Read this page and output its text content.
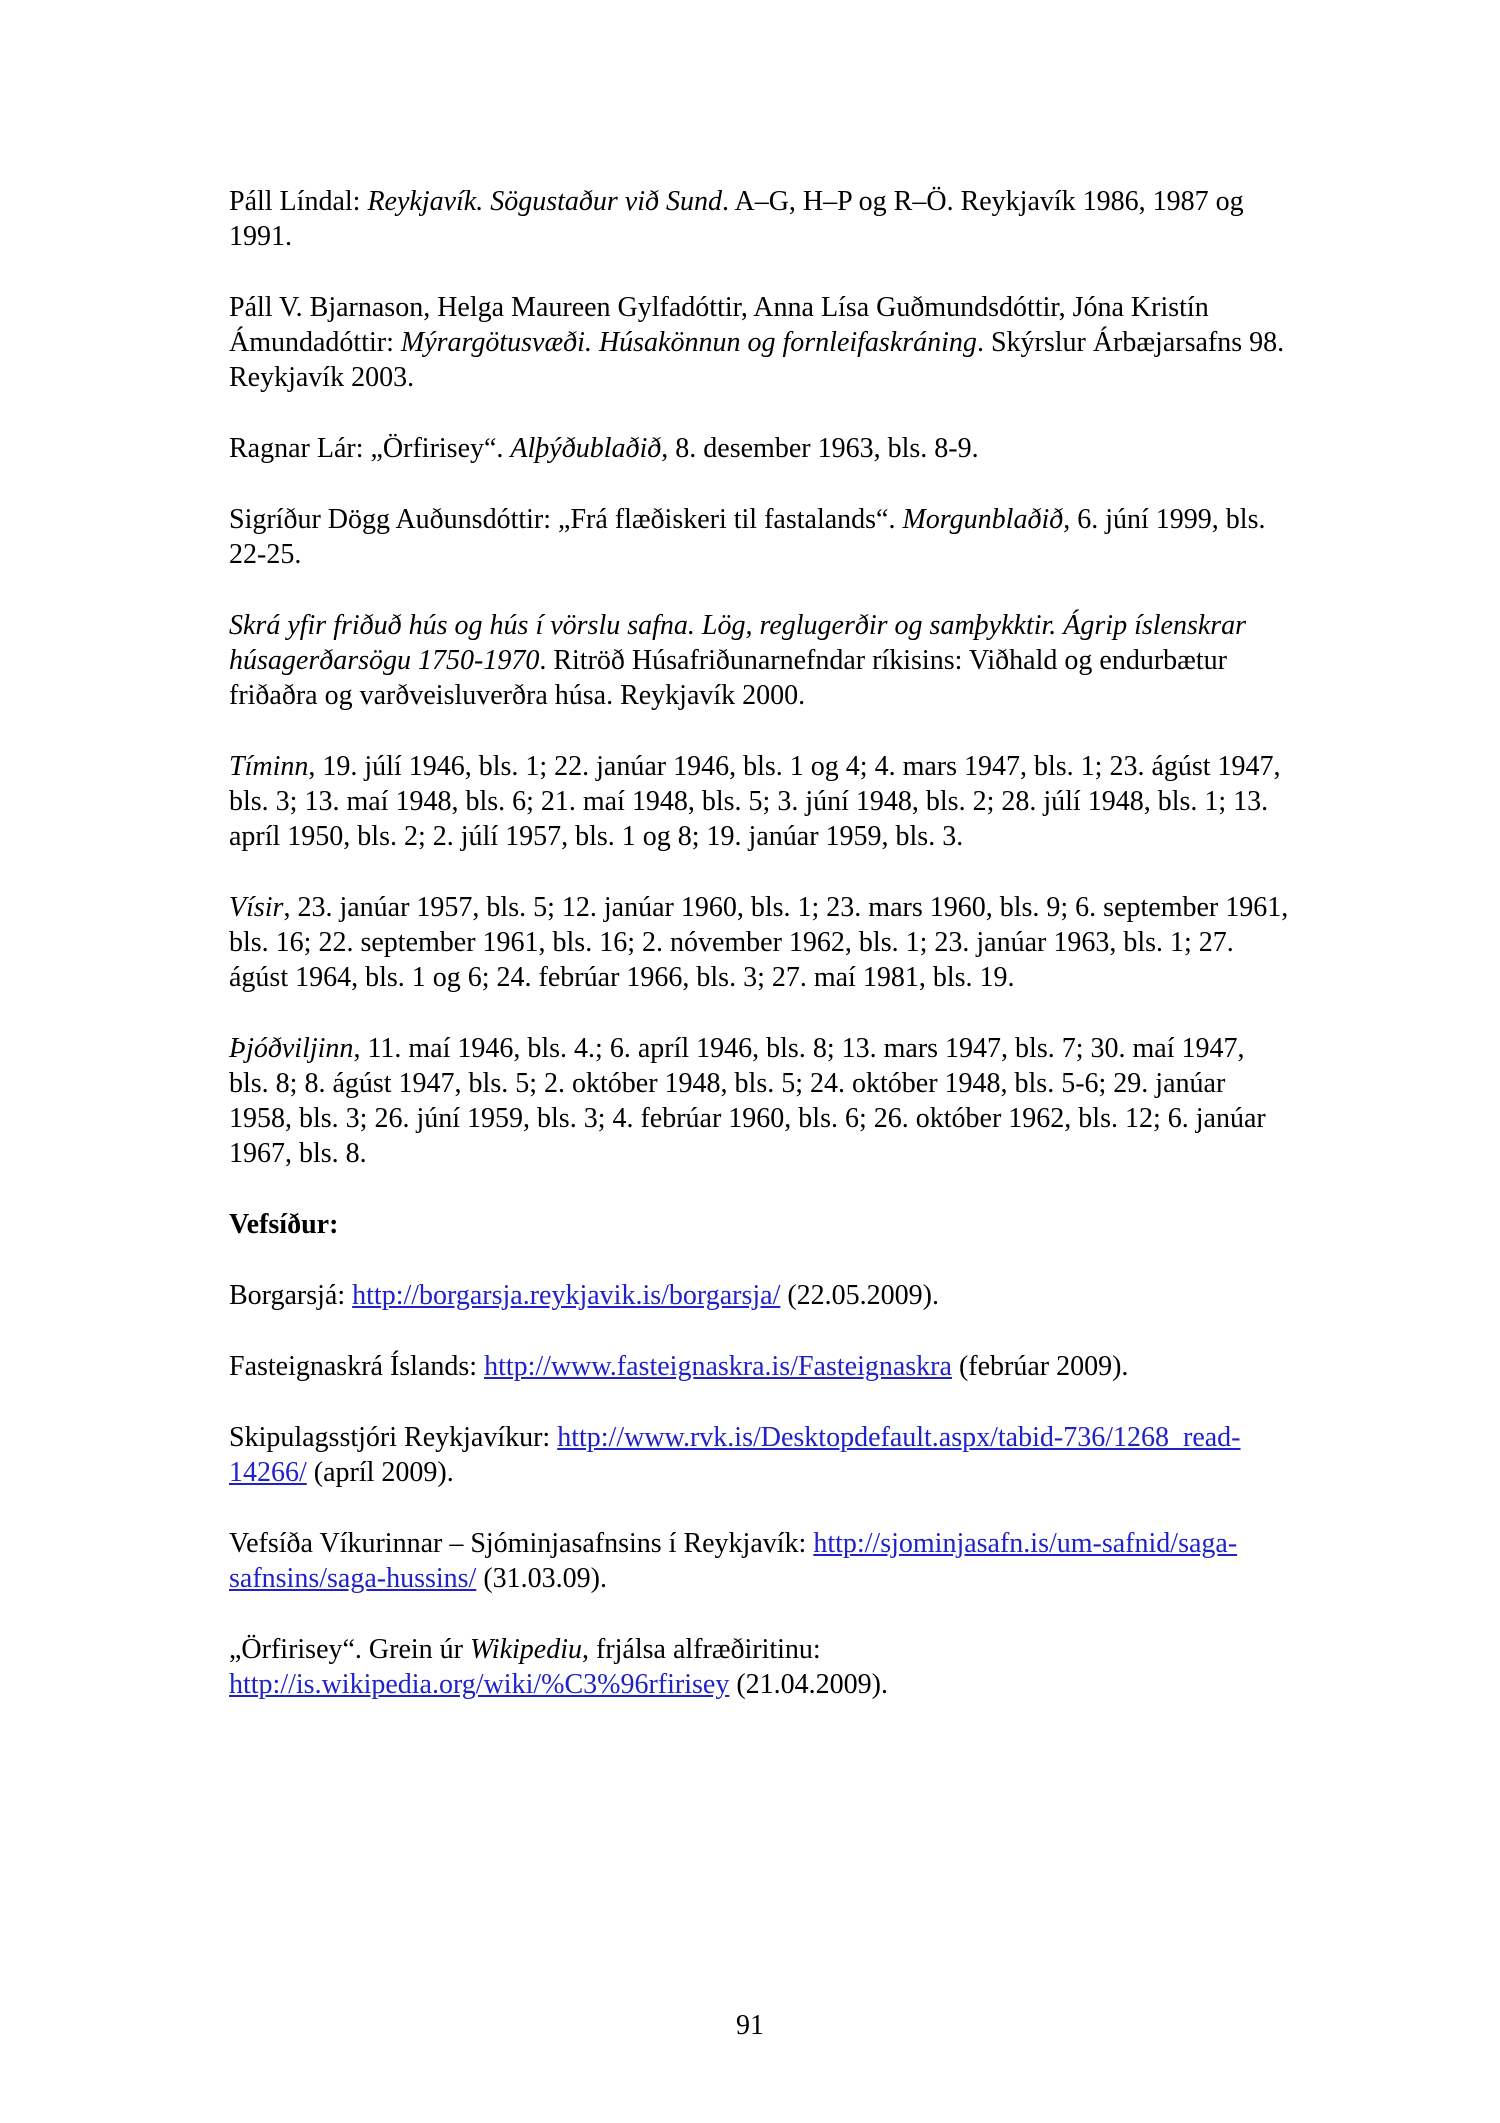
Páll Líndal: Reykjavík. Sögustaður við Sund. A–G, H–P og R–Ö. Reykjavík 1986, 1987 og 1991.

Páll V. Bjarnason, Helga Maureen Gylfadóttir, Anna Lísa Guðmundsdóttir, Jóna Kristín Ámundadóttir: Mýrargötusvæði. Húsakönnun og fornleifaskráning. Skýrslur Árbæjarsafns 98. Reykjavík 2003.

Ragnar Lár: „Örfirisey“. Alþýðublaðið, 8. desember 1963, bls. 8-9.

Sigríður Dögg Auðunsdóttir: „Frá flæðiskeri til fastalands“. Morgunblaðið, 6. júní 1999, bls. 22-25.

Skrá yfir friðuð hús og hús í vörslu safna. Lög, reglugerðir og samþykktir. Ágrip íslenskrar húsagerðarsögu 1750-1970. Ritröð Húsafriðunarnefndar ríkisins: Viðhald og endurbætur friðaðra og varðveisluverðra húsa. Reykjavík 2000.

Tíminn, 19. júlí 1946, bls. 1; 22. janúar 1946, bls. 1 og 4; 4. mars 1947, bls. 1; 23. ágúst 1947, bls. 3; 13. maí 1948, bls. 6; 21. maí 1948, bls. 5; 3. júní 1948, bls. 2; 28. júlí 1948, bls. 1; 13. apríl 1950, bls. 2; 2. júlí 1957, bls. 1 og 8; 19. janúar 1959, bls. 3.

Vísir, 23. janúar 1957, bls. 5; 12. janúar 1960, bls. 1; 23. mars 1960, bls. 9; 6. september 1961, bls. 16; 22. september 1961, bls. 16; 2. nóvember 1962, bls. 1; 23. janúar 1963, bls. 1; 27. ágúst 1964, bls. 1 og 6; 24. febrúar 1966, bls. 3; 27. maí 1981, bls. 19.

Þjóðviljinn, 11. maí 1946, bls. 4.; 6. apríl 1946, bls. 8; 13. mars 1947, bls. 7; 30. maí 1947, bls. 8; 8. ágúst 1947, bls. 5; 2. október 1948, bls. 5; 24. október 1948, bls. 5-6; 29. janúar 1958, bls. 3; 26. júní 1959, bls. 3; 4. febrúar 1960, bls. 6; 26. október 1962, bls. 12; 6. janúar 1967, bls. 8.

Vefsíður:

Borgarsjá: http://borgarsja.reykjavik.is/borgarsja/ (22.05.2009).

Fasteignaskrá Íslands: http://www.fasteignaskra.is/Fasteignaskra (febrúar 2009).

Skipulagsstjóri Reykjavíkur: http://www.rvk.is/Desktopdefault.aspx/tabid-736/1268_read-14266/ (apríl 2009).

Vefsíða Víkurinnar – Sjóminjasafnsins í Reykjavík: http://sjominjasafn.is/um-safnid/saga-safnsins/saga-hussins/ (31.03.09).

„Örfirisey“. Grein úr Wikipediu, frjálsa alfræðiritinu: http://is.wikipedia.org/wiki/%C3%96rfirisey (21.04.2009).

91
